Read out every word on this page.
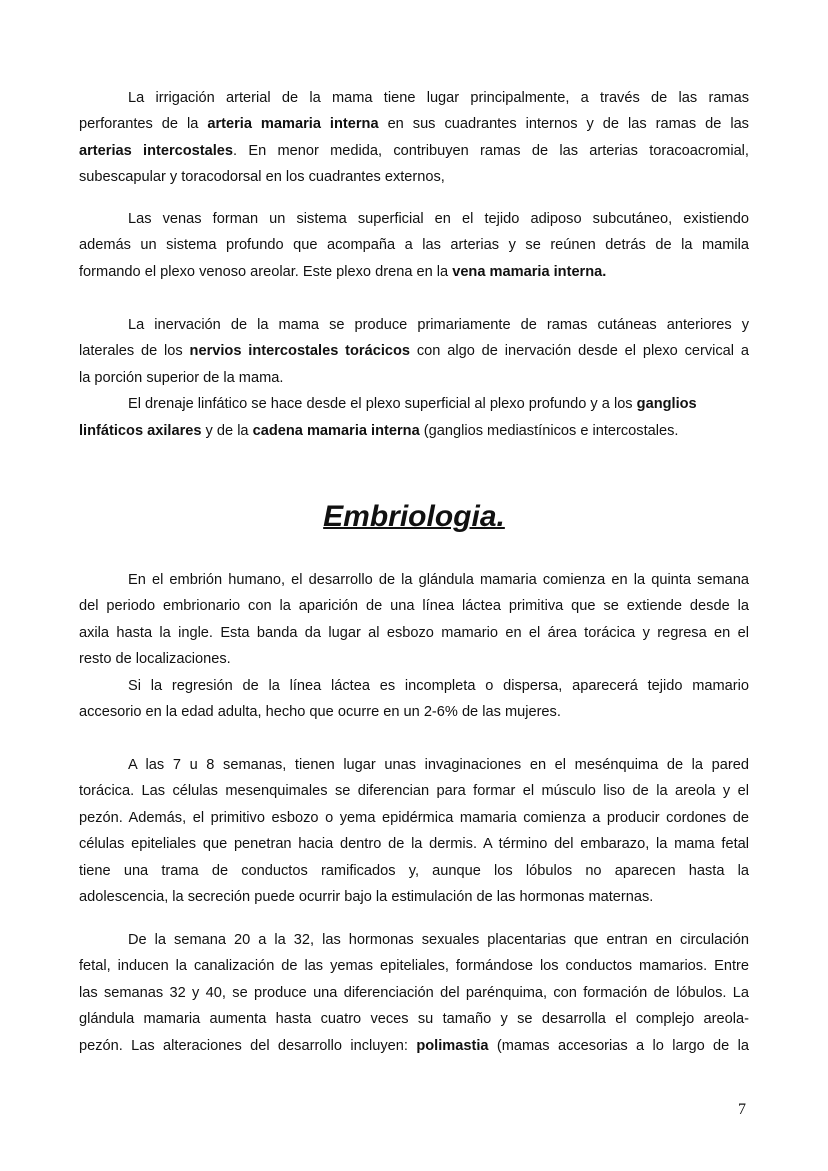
La irrigación arterial de la mama tiene lugar principalmente, a través de las ramas
perforantes de la arteria mamaria interna en sus cuadrantes internos y de las ramas de las
arterias intercostales. En menor medida, contribuyen ramas de las arterias toracoacromial,
subescapular y toracodorsal en los cuadrantes externos,
Las venas forman un sistema superficial en el tejido adiposo subcutáneo, existiendo
además un sistema profundo que acompaña a las arterias y se reúnen detrás de la mamila
formando el plexo venoso areolar. Este plexo drena en la vena mamaria interna.
La inervación de la mama se produce primariamente de ramas cutáneas anteriores y
laterales de los nervios intercostales torácicos con algo de inervación desde el plexo cervical a
la porción superior de la mama.
El drenaje linfático se hace desde el plexo superficial al plexo profundo y a los ganglios
linfáticos axilares y de la cadena mamaria interna (ganglios mediastínicos e intercostales.
Embriologia.
En el embrión humano, el desarrollo de la glándula mamaria comienza en la quinta semana
del periodo embrionario con la aparición de una línea láctea primitiva que se extiende desde la
axila hasta la ingle. Esta banda da lugar al esbozo mamario en el área torácica y regresa en el
resto de localizaciones.
Si la regresión de la línea láctea es incompleta o dispersa, aparecerá tejido mamario
accesorio en la edad adulta, hecho que ocurre en un 2-6% de las mujeres.
A las 7 u 8 semanas, tienen lugar unas invaginaciones en el mesénquima de la pared
torácica. Las células mesenquimales se diferencian para formar el músculo liso de la areola y el
pezón. Además, el primitivo esbozo o yema epidérmica mamaria comienza a producir cordones de
células epiteliales que penetran hacia dentro de la dermis. A término del embarazo, la mama fetal
tiene una trama de conductos ramificados y, aunque los lóbulos no aparecen hasta la
adolescencia, la secreción puede ocurrir bajo la estimulación de las hormonas maternas.
De la semana 20 a la 32, las hormonas sexuales placentarias que entran en circulación
fetal, inducen la canalización de las yemas epiteliales, formándose los conductos mamarios. Entre
las semanas 32 y 40, se produce una diferenciación del parénquima, con formación de lóbulos. La
glándula mamaria aumenta hasta cuatro veces su tamaño y se desarrolla el complejo areola-
pezón. Las alteraciones del desarrollo incluyen: polimastia (mamas accesorias a lo largo de la
7
